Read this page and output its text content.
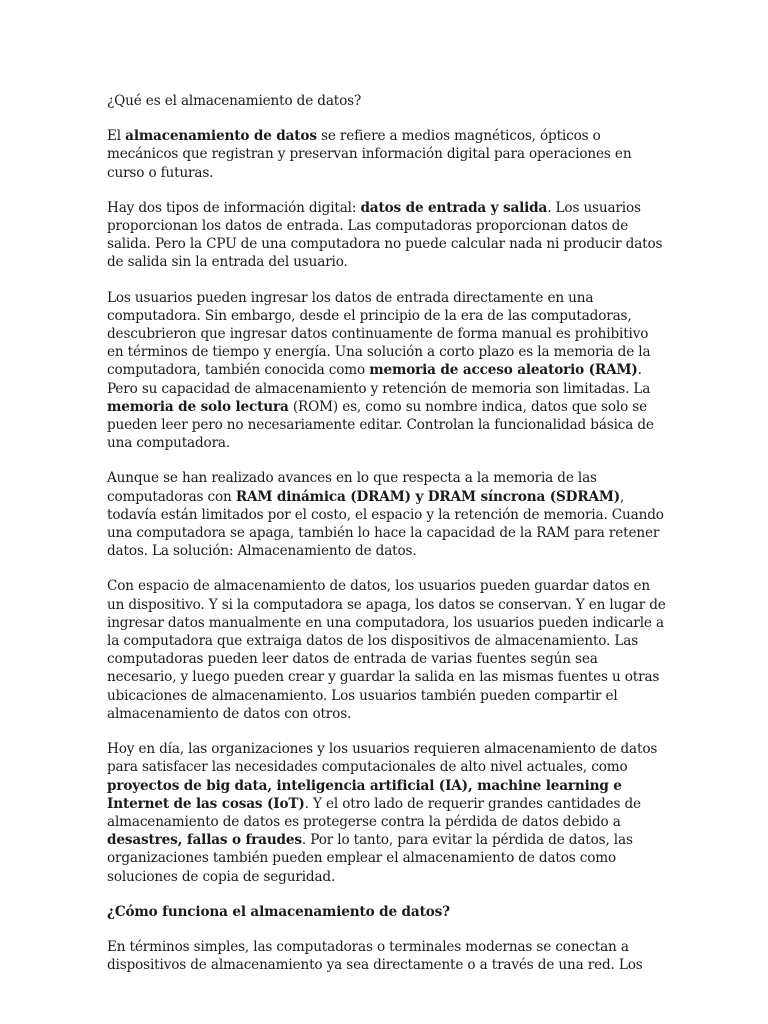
¿Qué es el almacenamiento de datos?

El almacenamiento de datos se refiere a medios magnéticos, ópticos o mecánicos que registran y preservan información digital para operaciones en curso o futuras.

Hay dos tipos de información digital: datos de entrada y salida. Los usuarios proporcionan los datos de entrada. Las computadoras proporcionan datos de salida. Pero la CPU de una computadora no puede calcular nada ni producir datos de salida sin la entrada del usuario.

Los usuarios pueden ingresar los datos de entrada directamente en una computadora. Sin embargo, desde el principio de la era de las computadoras, descubrieron que ingresar datos continuamente de forma manual es prohibitivo en términos de tiempo y energía. Una solución a corto plazo es la memoria de la computadora, también conocida como memoria de acceso aleatorio (RAM). Pero su capacidad de almacenamiento y retención de memoria son limitadas. La memoria de solo lectura (ROM) es, como su nombre indica, datos que solo se pueden leer pero no necesariamente editar. Controlan la funcionalidad básica de una computadora.

Aunque se han realizado avances en lo que respecta a la memoria de las computadoras con RAM dinámica (DRAM) y DRAM síncrona (SDRAM), todavía están limitados por el costo, el espacio y la retención de memoria. Cuando una computadora se apaga, también lo hace la capacidad de la RAM para retener datos. La solución: Almacenamiento de datos.

Con espacio de almacenamiento de datos, los usuarios pueden guardar datos en un dispositivo. Y si la computadora se apaga, los datos se conservan. Y en lugar de ingresar datos manualmente en una computadora, los usuarios pueden indicarle a la computadora que extraiga datos de los dispositivos de almacenamiento. Las computadoras pueden leer datos de entrada de varias fuentes según sea necesario, y luego pueden crear y guardar la salida en las mismas fuentes u otras ubicaciones de almacenamiento. Los usuarios también pueden compartir el almacenamiento de datos con otros.

Hoy en día, las organizaciones y los usuarios requieren almacenamiento de datos para satisfacer las necesidades computacionales de alto nivel actuales, como proyectos de big data, inteligencia artificial (IA), machine learning e Internet de las cosas (IoT). Y el otro lado de requerir grandes cantidades de almacenamiento de datos es protegerse contra la pérdida de datos debido a desastres, fallas o fraudes. Por lo tanto, para evitar la pérdida de datos, las organizaciones también pueden emplear el almacenamiento de datos como soluciones de copia de seguridad.

¿Cómo funciona el almacenamiento de datos?

En términos simples, las computadoras o terminales modernas se conectan a dispositivos de almacenamiento ya sea directamente o a través de una red. Los
